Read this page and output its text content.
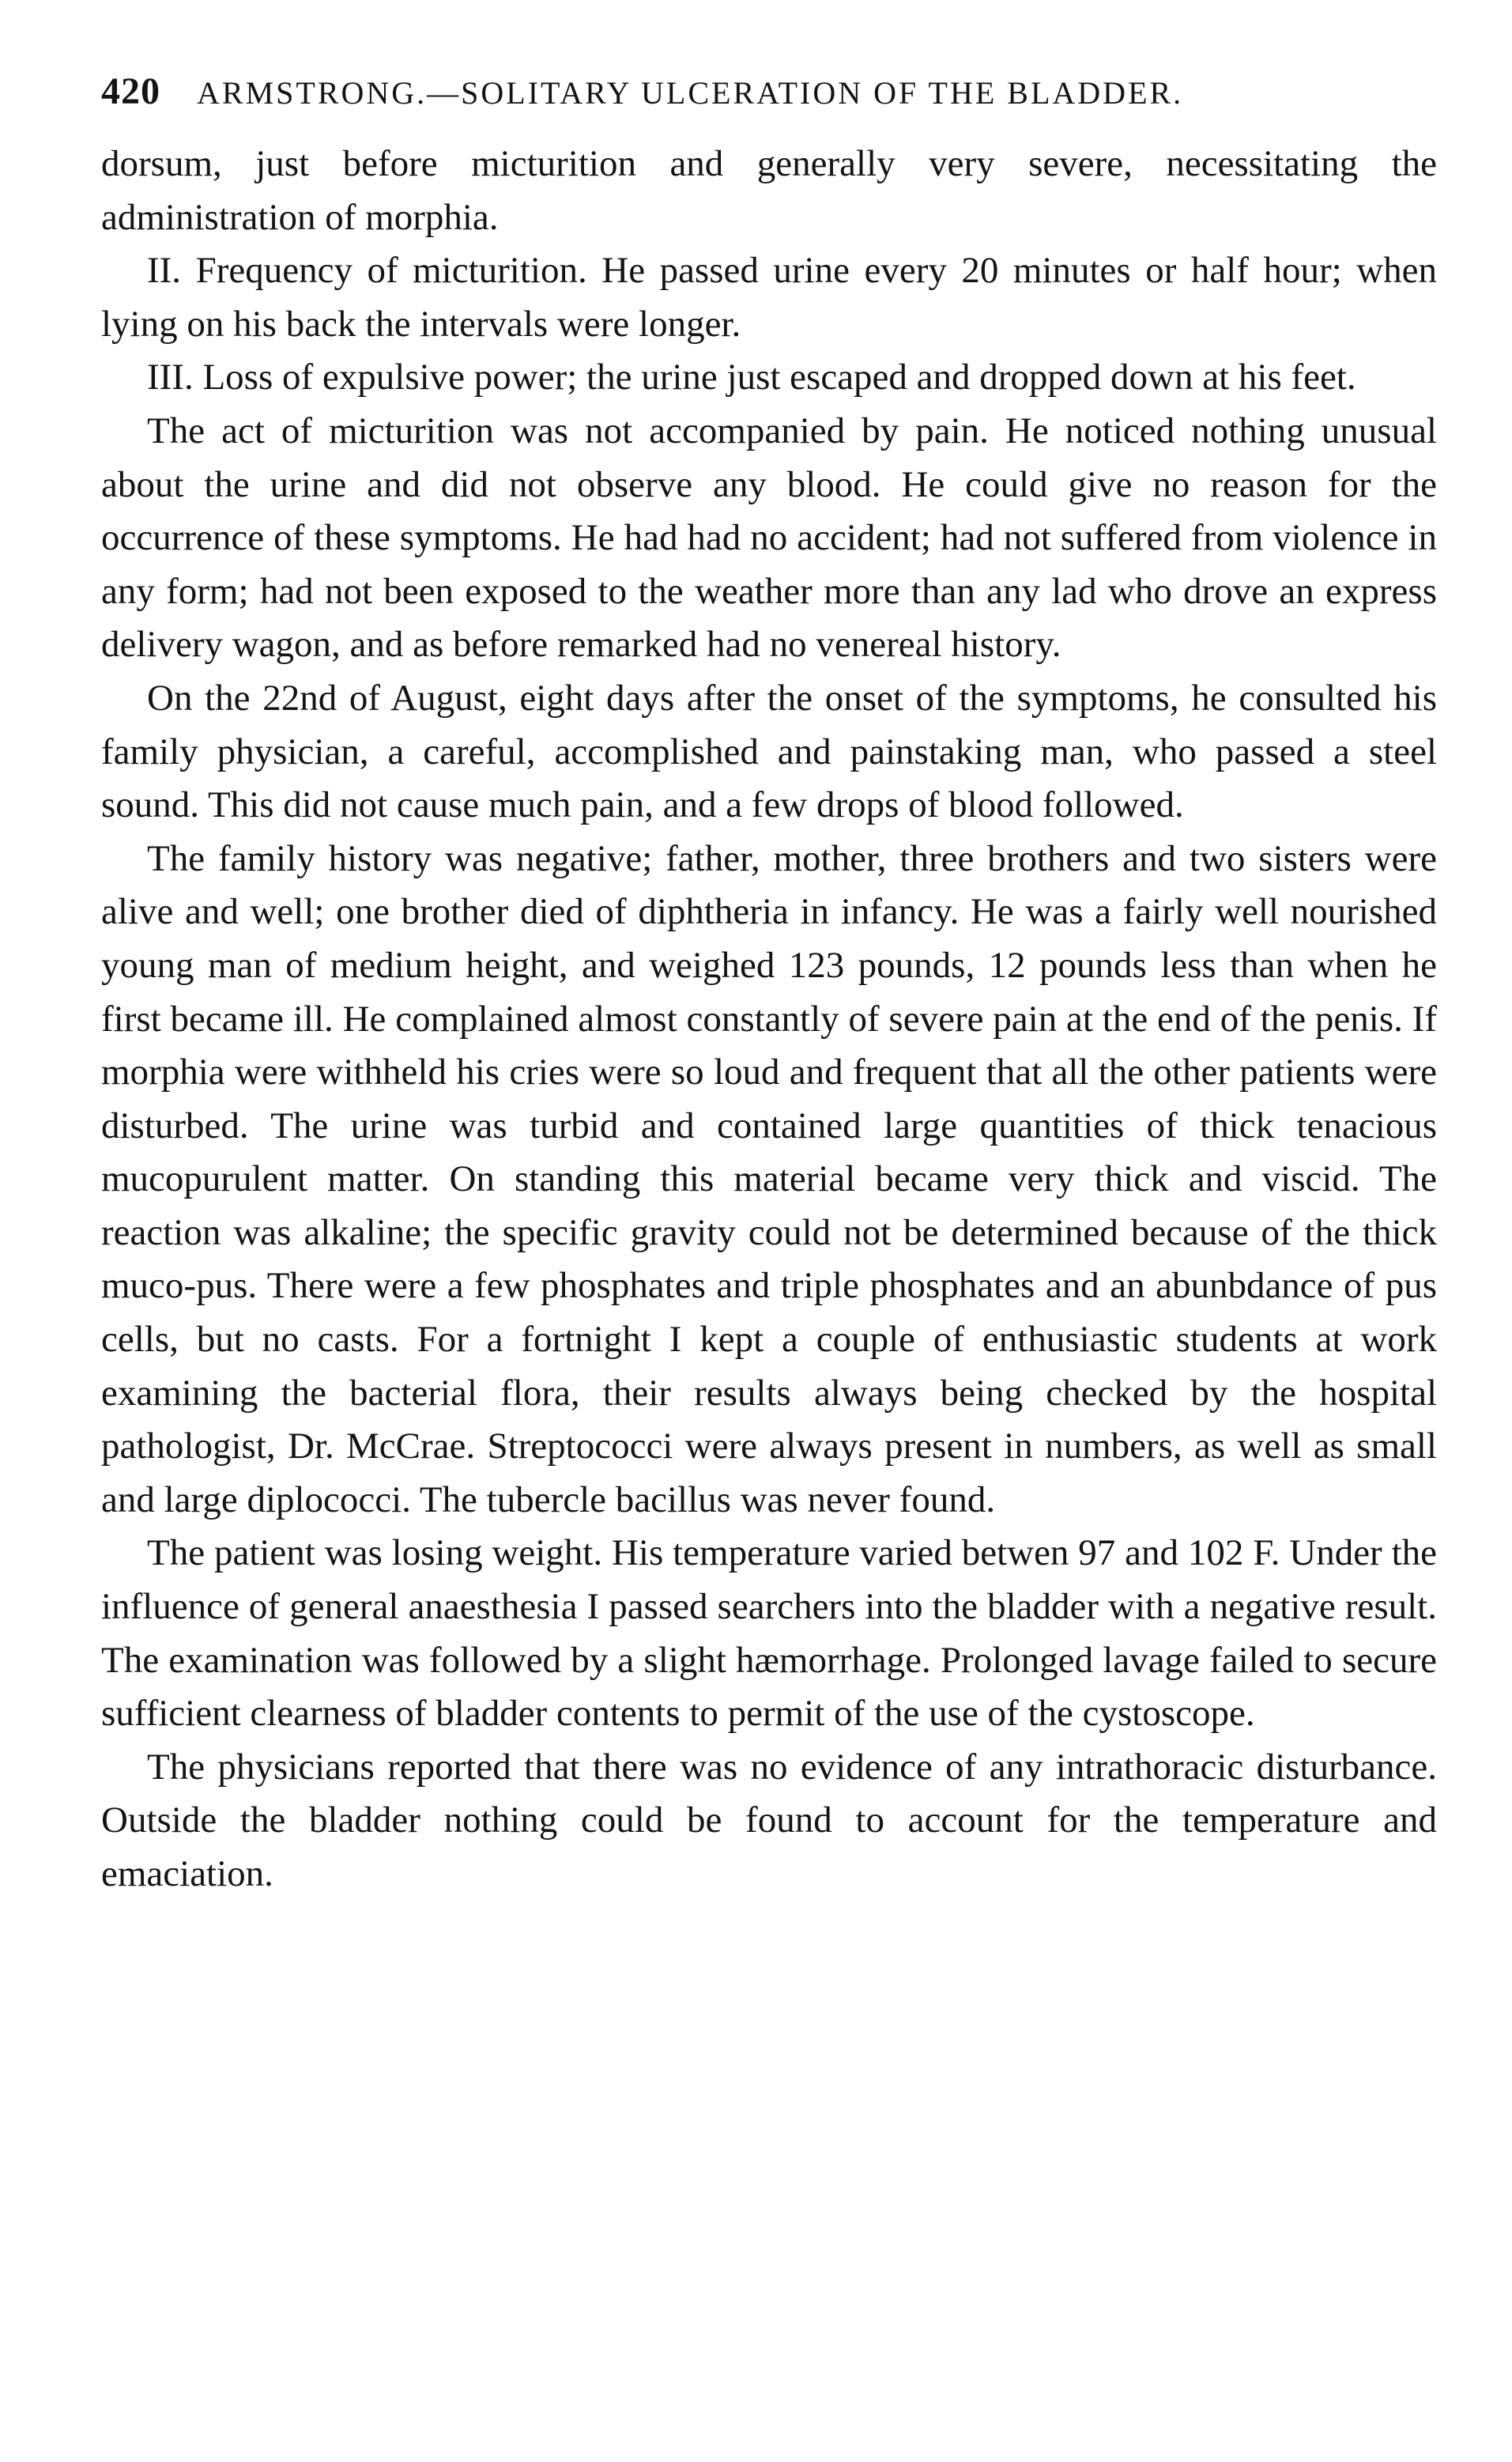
420 ARMSTRONG.—SOLITARY ULCERATION OF THE BLADDER.

dorsum, just before micturition and generally very severe, necessitating the administration of morphia.

II. Frequency of micturition. He passed urine every 20 minutes or half hour; when lying on his back the intervals were longer.

III. Loss of expulsive power; the urine just escaped and dropped down at his feet.

The act of micturition was not accompanied by pain. He noticed nothing unusual about the urine and did not observe any blood. He could give no reason for the occurrence of these symptoms. He had had no accident; had not suffered from violence in any form; had not been exposed to the weather more than any lad who drove an express delivery wagon, and as before remarked had no venereal history.

On the 22nd of August, eight days after the onset of the symptoms, he consulted his family physician, a careful, accomplished and painstaking man, who passed a steel sound. This did not cause much pain, and a few drops of blood followed.

The family history was negative; father, mother, three brothers and two sisters were alive and well; one brother died of diphtheria in infancy. He was a fairly well nourished young man of medium height, and weighed 123 pounds, 12 pounds less than when he first became ill. He complained almost constantly of severe pain at the end of the penis. If morphia were withheld his cries were so loud and frequent that all the other patients were disturbed. The urine was turbid and contained large quantities of thick tenacious mucopurulent matter. On standing this material became very thick and viscid. The reaction was alkaline; the specific gravity could not be determined because of the thick muco-pus. There were a few phosphates and triple phosphates and an abunbdance of pus cells, but no casts. For a fortnight I kept a couple of enthusiastic students at work examining the bacterial flora, their results always being checked by the hospital pathologist, Dr. McCrae. Streptococci were always present in numbers, as well as small and large diplococci. The tubercle bacillus was never found.

The patient was losing weight. His temperature varied betwen 97 and 102 F. Under the influence of general anaesthesia I passed searchers into the bladder with a negative result. The examination was followed by a slight hæmorrhage. Prolonged lavage failed to secure sufficient clearness of bladder contents to permit of the use of the cystoscope.

The physicians reported that there was no evidence of any intrathoracic disturbance. Outside the bladder nothing could be found to account for the temperature and emaciation.
